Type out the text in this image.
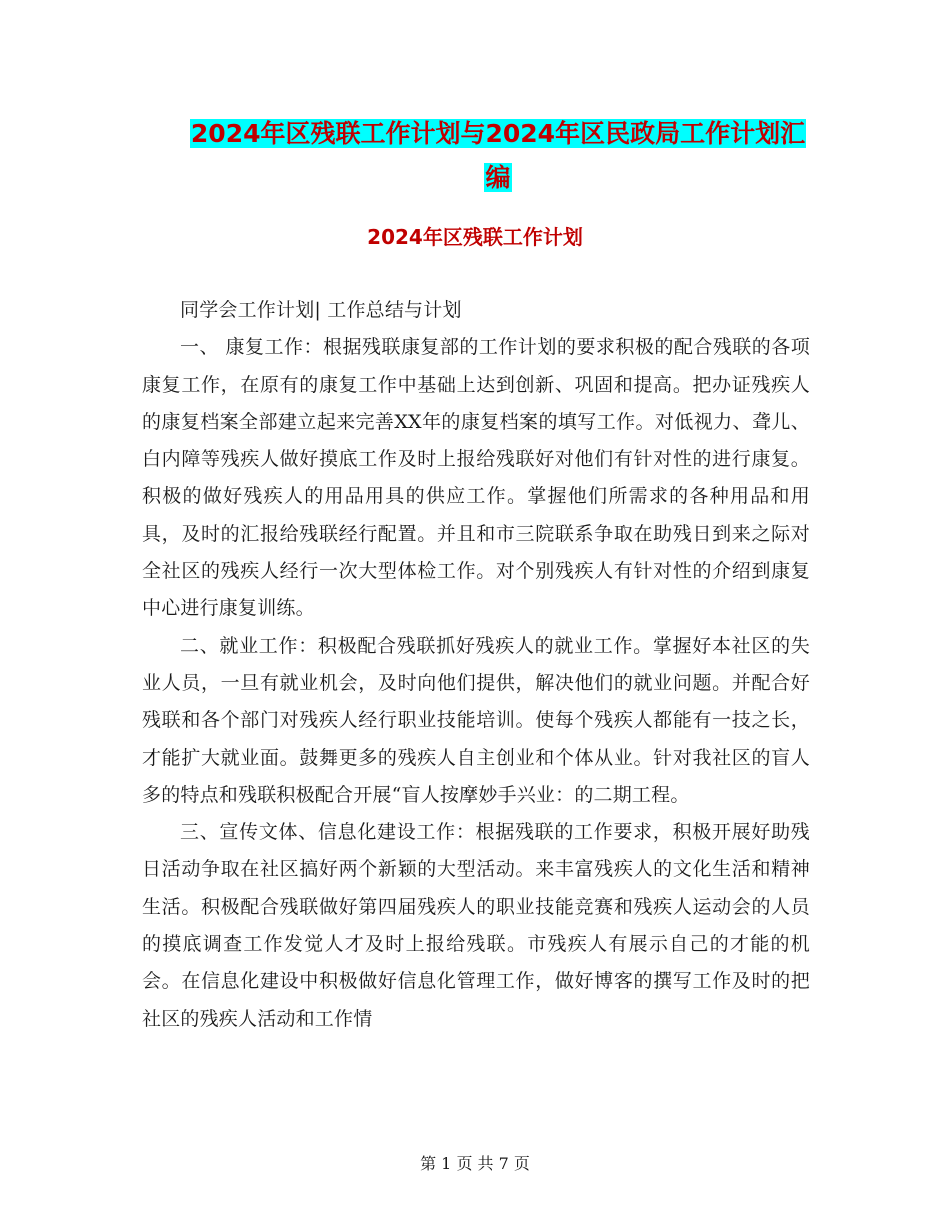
2024年区残联工作计划与2024年区民政局工作计划汇
编
2024年区残联工作计划

同学会工作计划| 工作总结与计划

一、 康复工作：根据残联康复部的工作计划的要求积极的配合残联的各项康复工作，在原有的康复工作中基础上达到创新、巩固和提高。把办证残疾人的康复档案全部建立起来完善XX年的康复档案的填写工作。对低视力、聋儿、白内障等残疾人做好摸底工作及时上报给残联好对他们有针对性的进行康复。积极的做好残疾人的用品用具的供应工作。掌握他们所需求的各种用品和用具，及时的汇报给残联经行配置。并且和市三院联系争取在助残日到来之际对全社区的残疾人经行一次大型体检工作。对个别残疾人有针对性的介绍到康复中心进行康复训练。

二、就业工作：积极配合残联抓好残疾人的就业工作。掌握好本社区的失业人员，一旦有就业机会，及时向他们提供，解决他们的就业问题。并配合好残联和各个部门对残疾人经行职业技能培训。使每个残疾人都能有一技之长，才能扩大就业面。鼓舞更多的残疾人自主创业和个体从业。针对我社区的盲人多的特点和残联积极配合开展“盲人按摩妙手兴业：的二期工程。

三、宣传文体、信息化建设工作：根据残联的工作要求，积极开展好助残日活动争取在社区搞好两个新颖的大型活动。来丰富残疾人的文化生活和精神生活。积极配合残联做好第四届残疾人的职业技能竞赛和残疾人运动会的人员的摸底调查工作发觉人才及时上报给残联。市残疾人有展示自己的才能的机会。在信息化建设中积极做好信息化管理工作，做好博客的撰写工作及时的把社区的残疾人活动和工作情

第 1 页 共 7 页
